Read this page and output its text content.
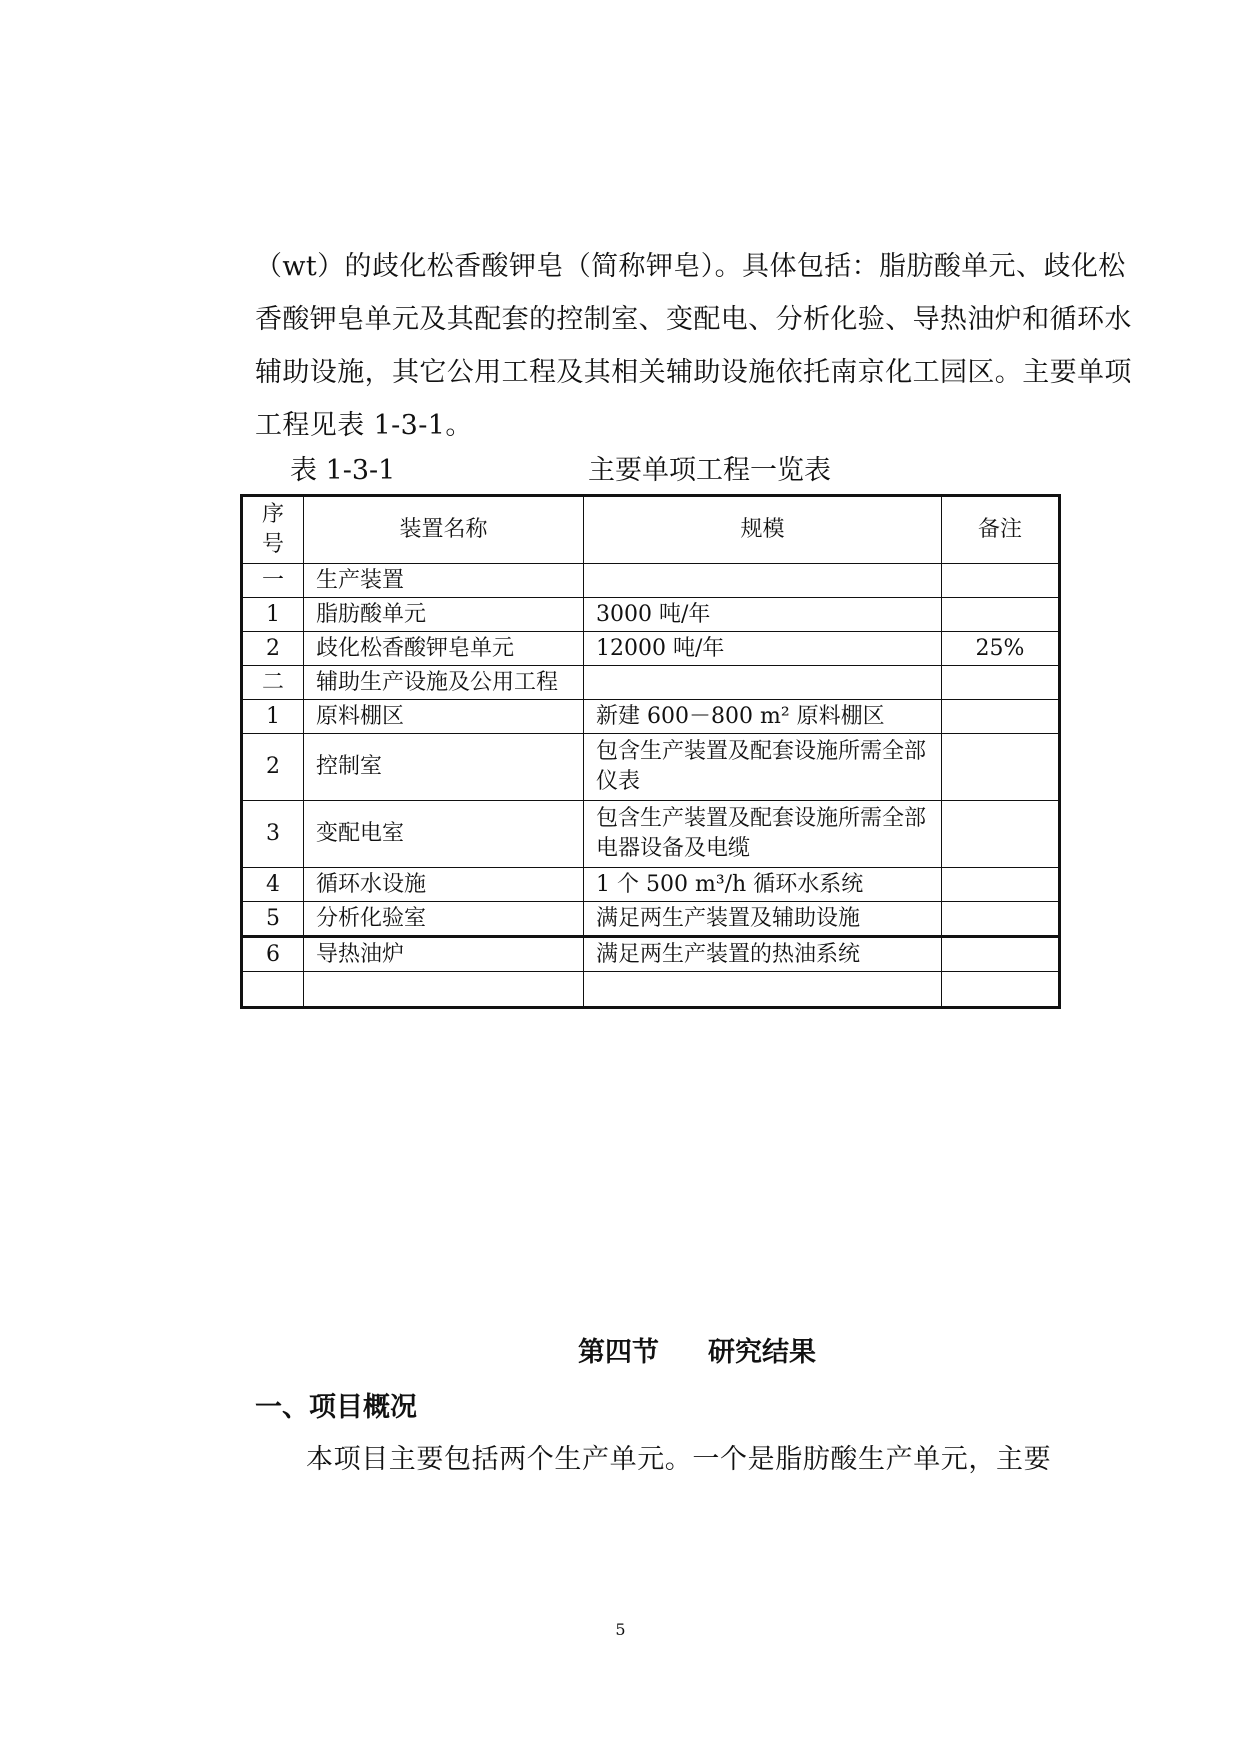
（wt）的歧化松香酸钾皂（简称钾皂）。具体包括：脂肪酸单元、歧化松
香酸钾皂单元及其配套的控制室、变配电、分析化验、导热油炉和循环水
辅助设施，其它公用工程及其相关辅助设施依托南京化工园区。主要单项
工程见表 1-3-1。
表 1-3-1	主要单项工程一览表
序
号	装置名称	规模	备注
一	生产装置		
1	脂肪酸单元	3000 吨/年	
2	歧化松香酸钾皂单元	12000 吨/年	25%
二	辅助生产设施及公用工程		
1	原料棚区	新建 600－800 m² 原料棚区	
2	控制室	包含生产装置及配套设施所需全部仪表	
3	变配电室	包含生产装置及配套设施所需全部电器设备及电缆	
4	循环水设施	1 个 500 m³/h 循环水系统	
5	分析化验室	满足两生产装置及辅助设施	
6	导热油炉	满足两生产装置的热油系统	

第四节 研究结果
一、项目概况
本项目主要包括两个生产单元。一个是脂肪酸生产单元，主要
5
